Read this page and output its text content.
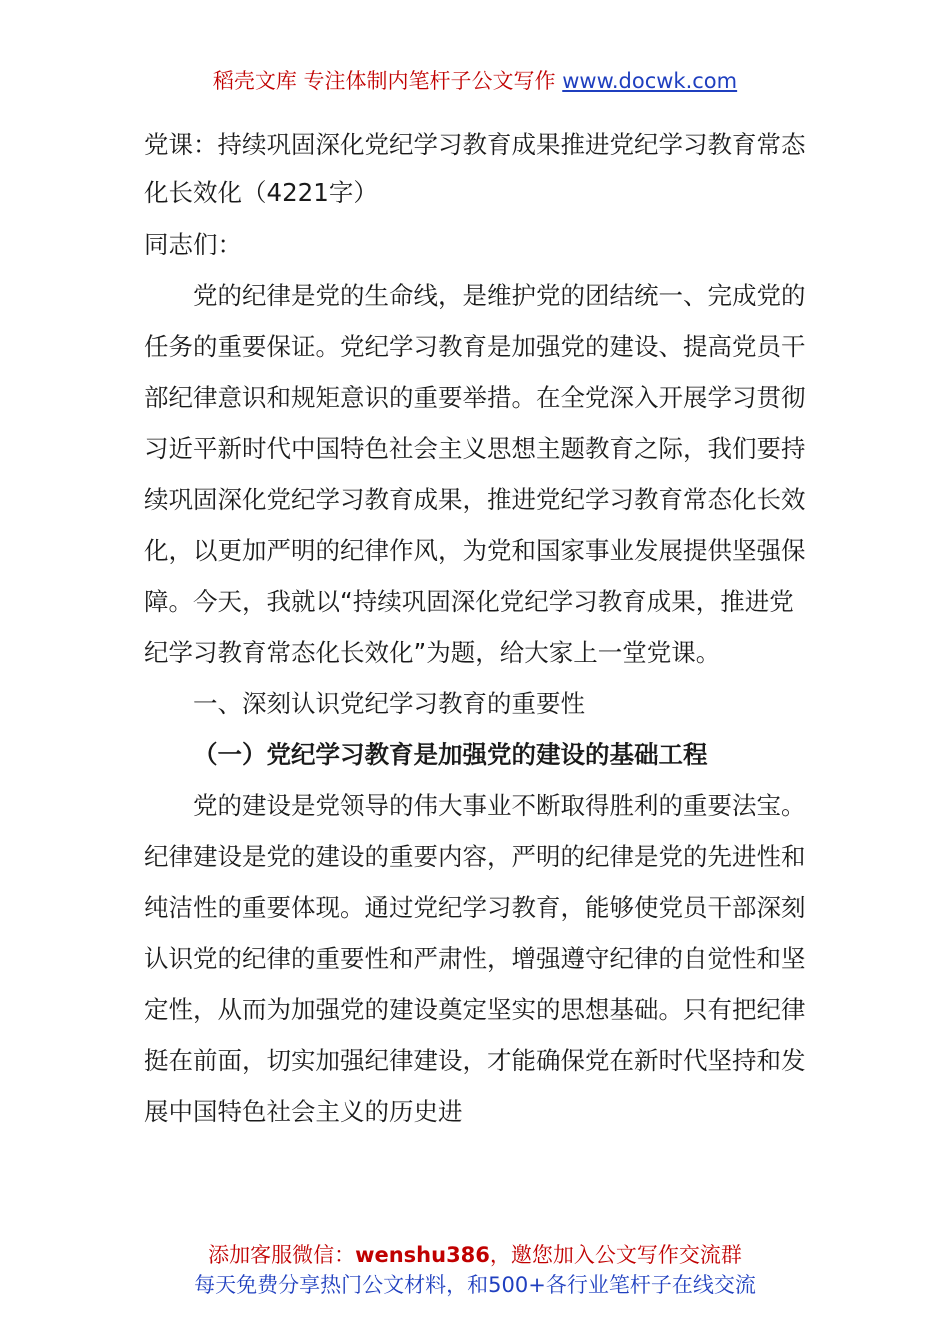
稻壳文库 专注体制内笔杆子公文写作 www.docwk.com

党课：持续巩固深化党纪学习教育成果推进党纪学习教育常态化长效化（4221字）

同志们：

党的纪律是党的生命线，是维护党的团结统一、完成党的任务的重要保证。党纪学习教育是加强党的建设、提高党员干部纪律意识和规矩意识的重要举措。在全党深入开展学习贯彻习近平新时代中国特色社会主义思想主题教育之际，我们要持续巩固深化党纪学习教育成果，推进党纪学习教育常态化长效化，以更加严明的纪律作风，为党和国家事业发展提供坚强保障。今天，我就以“持续巩固深化党纪学习教育成果，推进党纪学习教育常态化长效化”为题，给大家上一堂党课。

一、深刻认识党纪学习教育的重要性

（一）党纪学习教育是加强党的建设的基础工程

党的建设是党领导的伟大事业不断取得胜利的重要法宝。纪律建设是党的建设的重要内容，严明的纪律是党的先进性和纯洁性的重要体现。通过党纪学习教育，能够使党员干部深刻认识党的纪律的重要性和严肃性，增强遵守纪律的自觉性和坚定性，从而为加强党的建设奠定坚实的思想基础。只有把纪律挺在前面，切实加强纪律建设，才能确保党在新时代坚持和发展中国特色社会主义的历史进

添加客服微信：wenshu386，邀您加入公文写作交流群
每天免费分享热门公文材料，和500+各行业笔杆子在线交流
